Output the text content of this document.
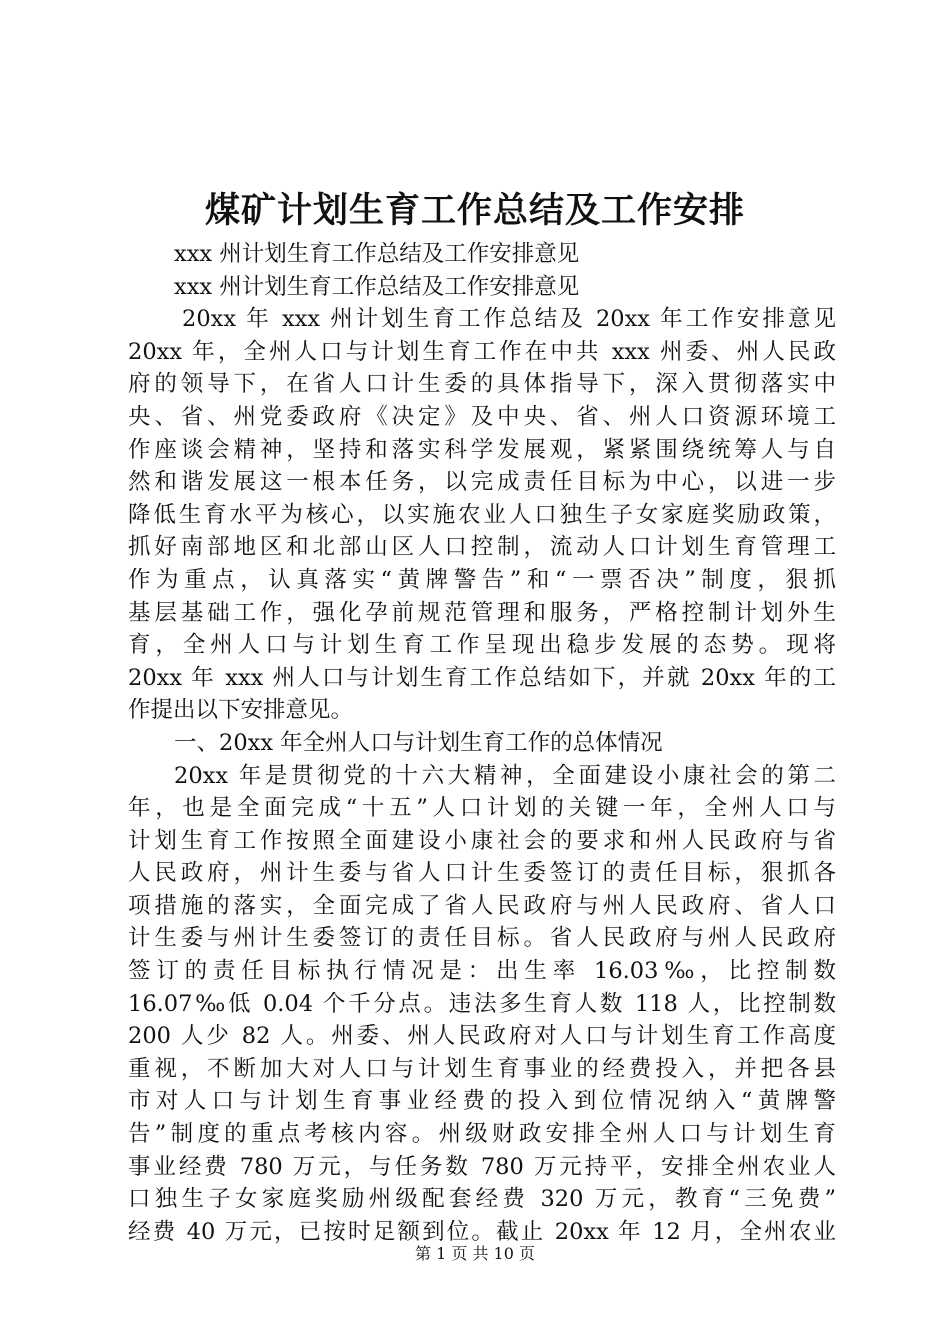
煤矿计划生育工作总结及工作安排
xxx 州计划生育工作总结及工作安排意见
xxx 州计划生育工作总结及工作安排意见
20xx 年 xxx 州计划生育工作总结及 20xx 年工作安排意见
20xx 年，全州人口与计划生育工作在中共 xxx 州委、州人民政
府的领导下，在省人口计生委的具体指导下，深入贯彻落实中
央、省、州党委政府《决定》及中央、省、州人口资源环境工
作座谈会精神，坚持和落实科学发展观，紧紧围绕统筹人与自
然和谐发展这一根本任务，以完成责任目标为中心，以进一步
降低生育水平为核心，以实施农业人口独生子女家庭奖励政策，
抓好南部地区和北部山区人口控制，流动人口计划生育管理工
作为重点，认真落实“黄牌警告”和“一票否决”制度，狠抓
基层基础工作，强化孕前规范管理和服务，严格控制计划外生
育，全州人口与计划生育工作呈现出稳步发展的态势。现将
20xx 年 xxx 州人口与计划生育工作总结如下，并就 20xx 年的工
作提出以下安排意见。
一、20xx 年全州人口与计划生育工作的总体情况
20xx 年是贯彻党的十六大精神，全面建设小康社会的第二
年，也是全面完成“十五”人口计划的关键一年，全州人口与
计划生育工作按照全面建设小康社会的要求和州人民政府与省
人民政府，州计生委与省人口计生委签订的责任目标，狠抓各
项措施的落实，全面完成了省人民政府与州人民政府、省人口
计生委与州计生委签订的责任目标。省人民政府与州人民政府
签订的责任目标执行情况是：出生率 16.03‰，比控制数
16.07‰低 0.04 个千分点。违法多生育人数 118 人，比控制数
200 人少 82 人。州委、州人民政府对人口与计划生育工作高度
重视，不断加大对人口与计划生育事业的经费投入，并把各县
市对人口与计划生育事业经费的投入到位情况纳入“黄牌警
告”制度的重点考核内容。州级财政安排全州人口与计划生育
事业经费 780 万元，与任务数 780 万元持平，安排全州农业人
口独生子女家庭奖励州级配套经费 320 万元，教育“三免费”
经费 40 万元，已按时足额到位。截止 20xx 年 12 月，全州农业
第 1 页 共 10 页
